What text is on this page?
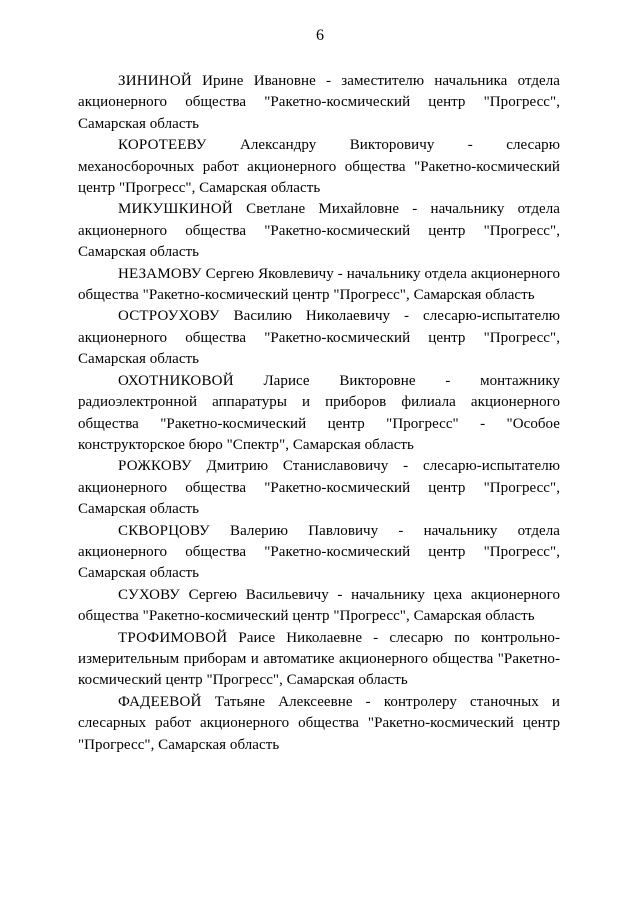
6

ЗИНИНОЙ Ирине Ивановне - заместителю начальника отдела акционерного общества "Ракетно-космический центр "Прогресс", Самарская область

КОРОТЕЕВУ Александру Викторовичу - слесарю механосборочных работ акционерного общества "Ракетно-космический центр "Прогресс", Самарская область

МИКУШКИНОЙ Светлане Михайловне - начальнику отдела акционерного общества "Ракетно-космический центр "Прогресс", Самарская область

НЕЗАМОВУ Сергею Яковлевичу - начальнику отдела акционерного общества "Ракетно-космический центр "Прогресс", Самарская область

ОСТРОУХОВУ Василию Николаевичу - слесарю-испытателю акционерного общества "Ракетно-космический центр "Прогресс", Самарская область

ОХОТНИКОВОЙ Ларисе Викторовне - монтажнику радиоэлектронной аппаратуры и приборов филиала акционерного общества "Ракетно-космический центр "Прогресс" - "Особое конструкторское бюро "Спектр", Самарская область

РОЖКОВУ Дмитрию Станиславовичу - слесарю-испытателю акционерного общества "Ракетно-космический центр "Прогресс", Самарская область

СКВОРЦОВУ Валерию Павловичу - начальнику отдела акционерного общества "Ракетно-космический центр "Прогресс", Самарская область

СУХОВУ Сергею Васильевичу - начальнику цеха акционерного общества "Ракетно-космический центр "Прогресс", Самарская область

ТРОФИМОВОЙ Раисе Николаевне - слесарю по контрольно-измерительным приборам и автоматике акционерного общества "Ракетно-космический центр "Прогресс", Самарская область

ФАДЕЕВОЙ Татьяне Алексеевне - контролеру станочных и слесарных работ акционерного общества "Ракетно-космический центр "Прогресс", Самарская область
